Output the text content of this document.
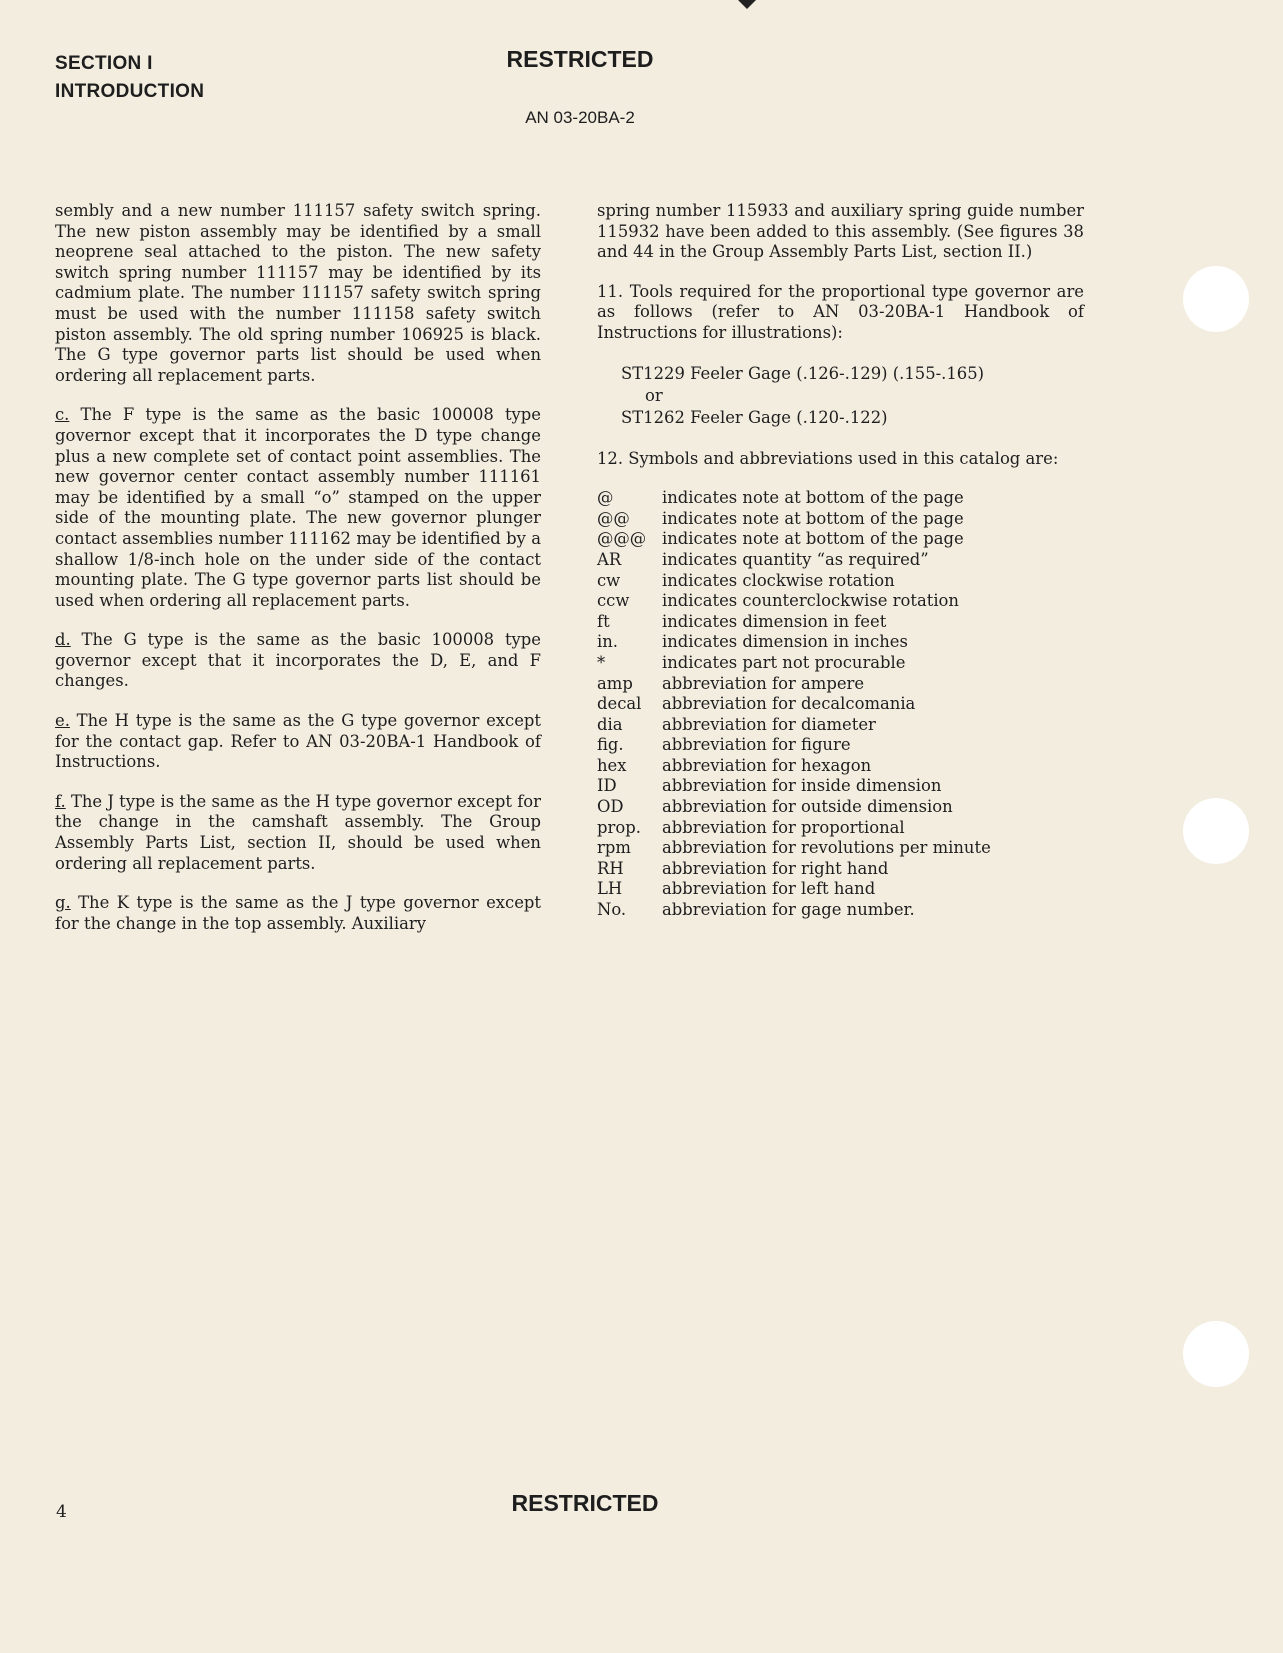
SECTION I
INTRODUCTION
RESTRICTED
AN 03-20BA-2

sembly and a new number 111157 safety switch spring. The new piston assembly may be identified by a small neoprene seal attached to the piston. The new safety switch spring number 111157 may be identified by its cadmium plate. The number 111157 safety switch spring must be used with the number 111158 safety switch piston assembly. The old spring number 106925 is black. The G type governor parts list should be used when ordering all replacement parts.

c. The F type is the same as the basic 100008 type governor except that it incorporates the D type change plus a new complete set of contact point assemblies. The new governor center contact assembly number 111161 may be identified by a small “o” stamped on the upper side of the mounting plate. The new governor plunger contact assemblies number 111162 may be identified by a shallow 1/8-inch hole on the under side of the contact mounting plate. The G type governor parts list should be used when ordering all replacement parts.

d. The G type is the same as the basic 100008 type governor except that it incorporates the D, E, and F changes.

e. The H type is the same as the G type governor except for the contact gap. Refer to AN 03-20BA-1 Handbook of Instructions.

f. The J type is the same as the H type governor except for the change in the camshaft assembly. The Group Assembly Parts List, section II, should be used when ordering all replacement parts.

g. The K type is the same as the J type governor except for the change in the top assembly. Auxiliary

spring number 115933 and auxiliary spring guide number 115932 have been added to this assembly. (See figures 38 and 44 in the Group Assembly Parts List, section II.)

11. Tools required for the proportional type governor are as follows (refer to AN 03-20BA-1 Handbook of Instructions for illustrations):

ST1229 Feeler Gage (.126-.129) (.155-.165)
or
ST1262 Feeler Gage (.120-.122)

12. Symbols and abbreviations used in this catalog are:

@	indicates note at bottom of the page
@@	indicates note at bottom of the page
@@@	indicates note at bottom of the page
AR	indicates quantity “as required”
cw	indicates clockwise rotation
ccw	indicates counterclockwise rotation
ft	indicates dimension in feet
in.	indicates dimension in inches
*	indicates part not procurable
amp	abbreviation for ampere
decal	abbreviation for decalcomania
dia	abbreviation for diameter
fig.	abbreviation for figure
hex	abbreviation for hexagon
ID	abbreviation for inside dimension
OD	abbreviation for outside dimension
prop.	abbreviation for proportional
rpm	abbreviation for revolutions per minute
RH	abbreviation for right hand
LH	abbreviation for left hand
No.	abbreviation for gage number.
4	RESTRICTED
